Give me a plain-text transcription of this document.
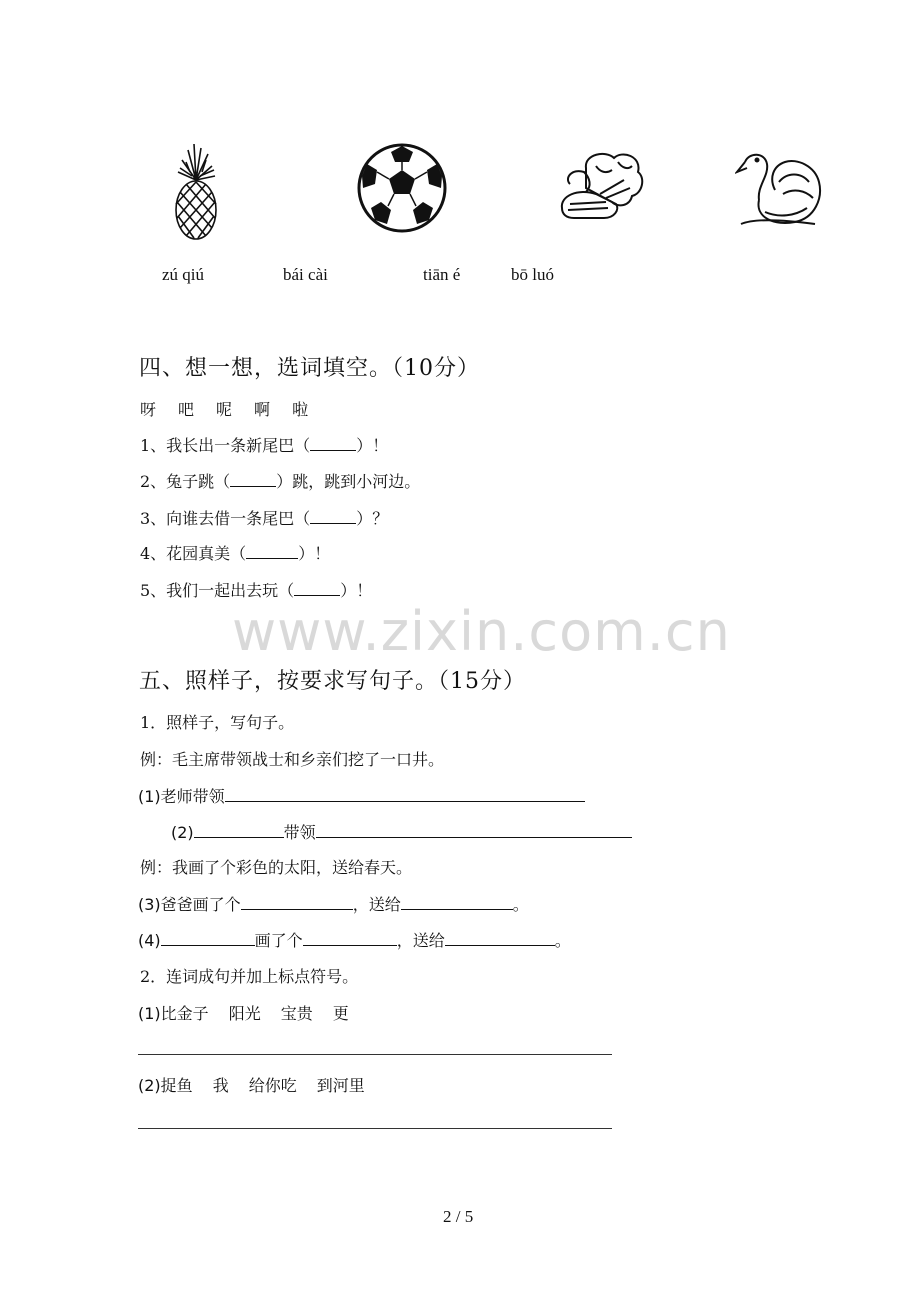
zú qiú	bái cài	tiān é	bō luó
四、想一想，选词填空。（10分）
呀 吧 呢 啊 啦
1、我长出一条新尾巴（	）！
2、兔子跳（	）跳，跳到小河边。
3、向谁去借一条尾巴（	）？
4、花园真美（	）！
5、我们一起出去玩（	）！
www.zixin.com.cn
五、照样子，按要求写句子。（15分）
1．照样子，写句子。
例：毛主席带领战士和乡亲们挖了一口井。
(1)老师带领
(2)	带领
例：我画了个彩色的太阳，送给春天。
(3)爸爸画了个	，送给	。
(4)	画了个	，送给	。
2．连词成句并加上标点符号。
(1)比金子 阳光 宝贵 更
(2)捉鱼 我 给你吃 到河里
2 / 5
